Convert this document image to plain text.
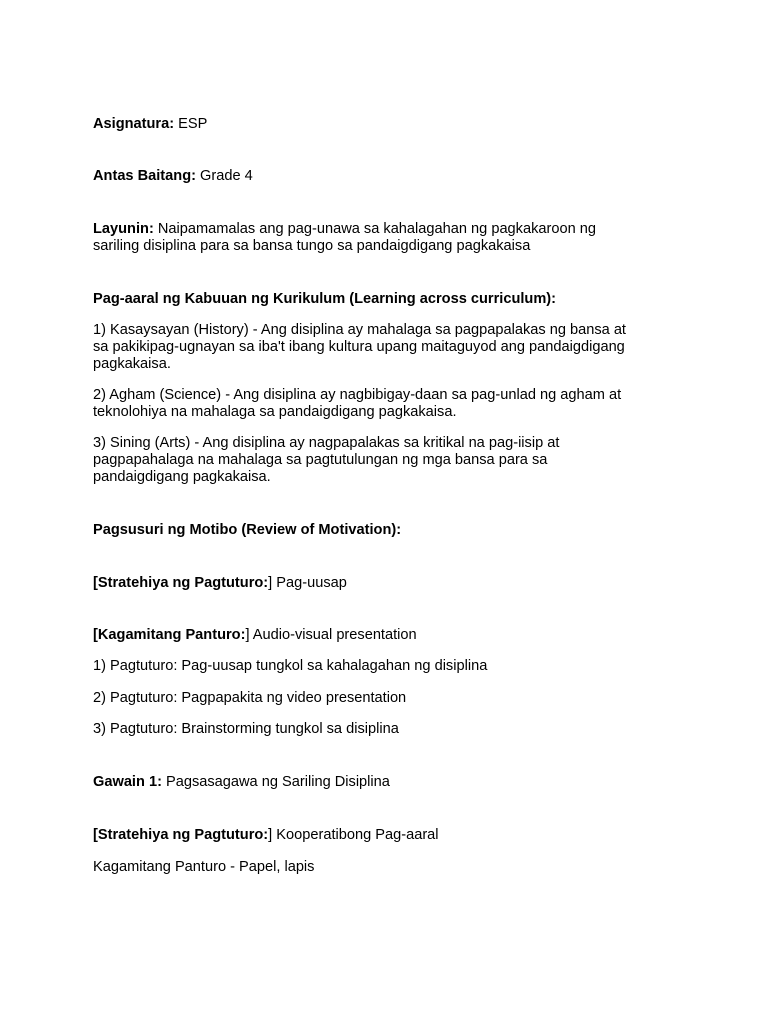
Asignatura: ESP
Antas Baitang: Grade 4
Layunin: Naipamamalas ang pag-unawa sa kahalagahan ng pagkakaroon ng
sariling disiplina para sa bansa tungo sa pandaigdigang pagkakaisa
Pag-aaral ng Kabuuan ng Kurikulum (Learning across curriculum):
1) Kasaysayan (History) - Ang disiplina ay mahalaga sa pagpapalakas ng bansa at
sa pakikipag-ugnayan sa iba't ibang kultura upang maitaguyod ang pandaigdigang
pagkakaisa.
2) Agham (Science) - Ang disiplina ay nagbibigay-daan sa pag-unlad ng agham at
teknolohiya na mahalaga sa pandaigdigang pagkakaisa.
3) Sining (Arts) - Ang disiplina ay nagpapalakas sa kritikal na pag-iisip at
pagpapahalaga na mahalaga sa pagtutulungan ng mga bansa para sa
pandaigdigang pagkakaisa.
Pagsusuri ng Motibo (Review of Motivation):
[Stratehiya ng Pagtuturo:] Pag-uusap
[Kagamitang Panturo:] Audio-visual presentation
1) Pagtuturo: Pag-uusap tungkol sa kahalagahan ng disiplina
2) Pagtuturo: Pagpapakita ng video presentation
3) Pagtuturo: Brainstorming tungkol sa disiplina
Gawain 1: Pagsasagawa ng Sariling Disiplina
[Stratehiya ng Pagtuturo:] Kooperatibong Pag-aaral
Kagamitang Panturo - Papel, lapis
